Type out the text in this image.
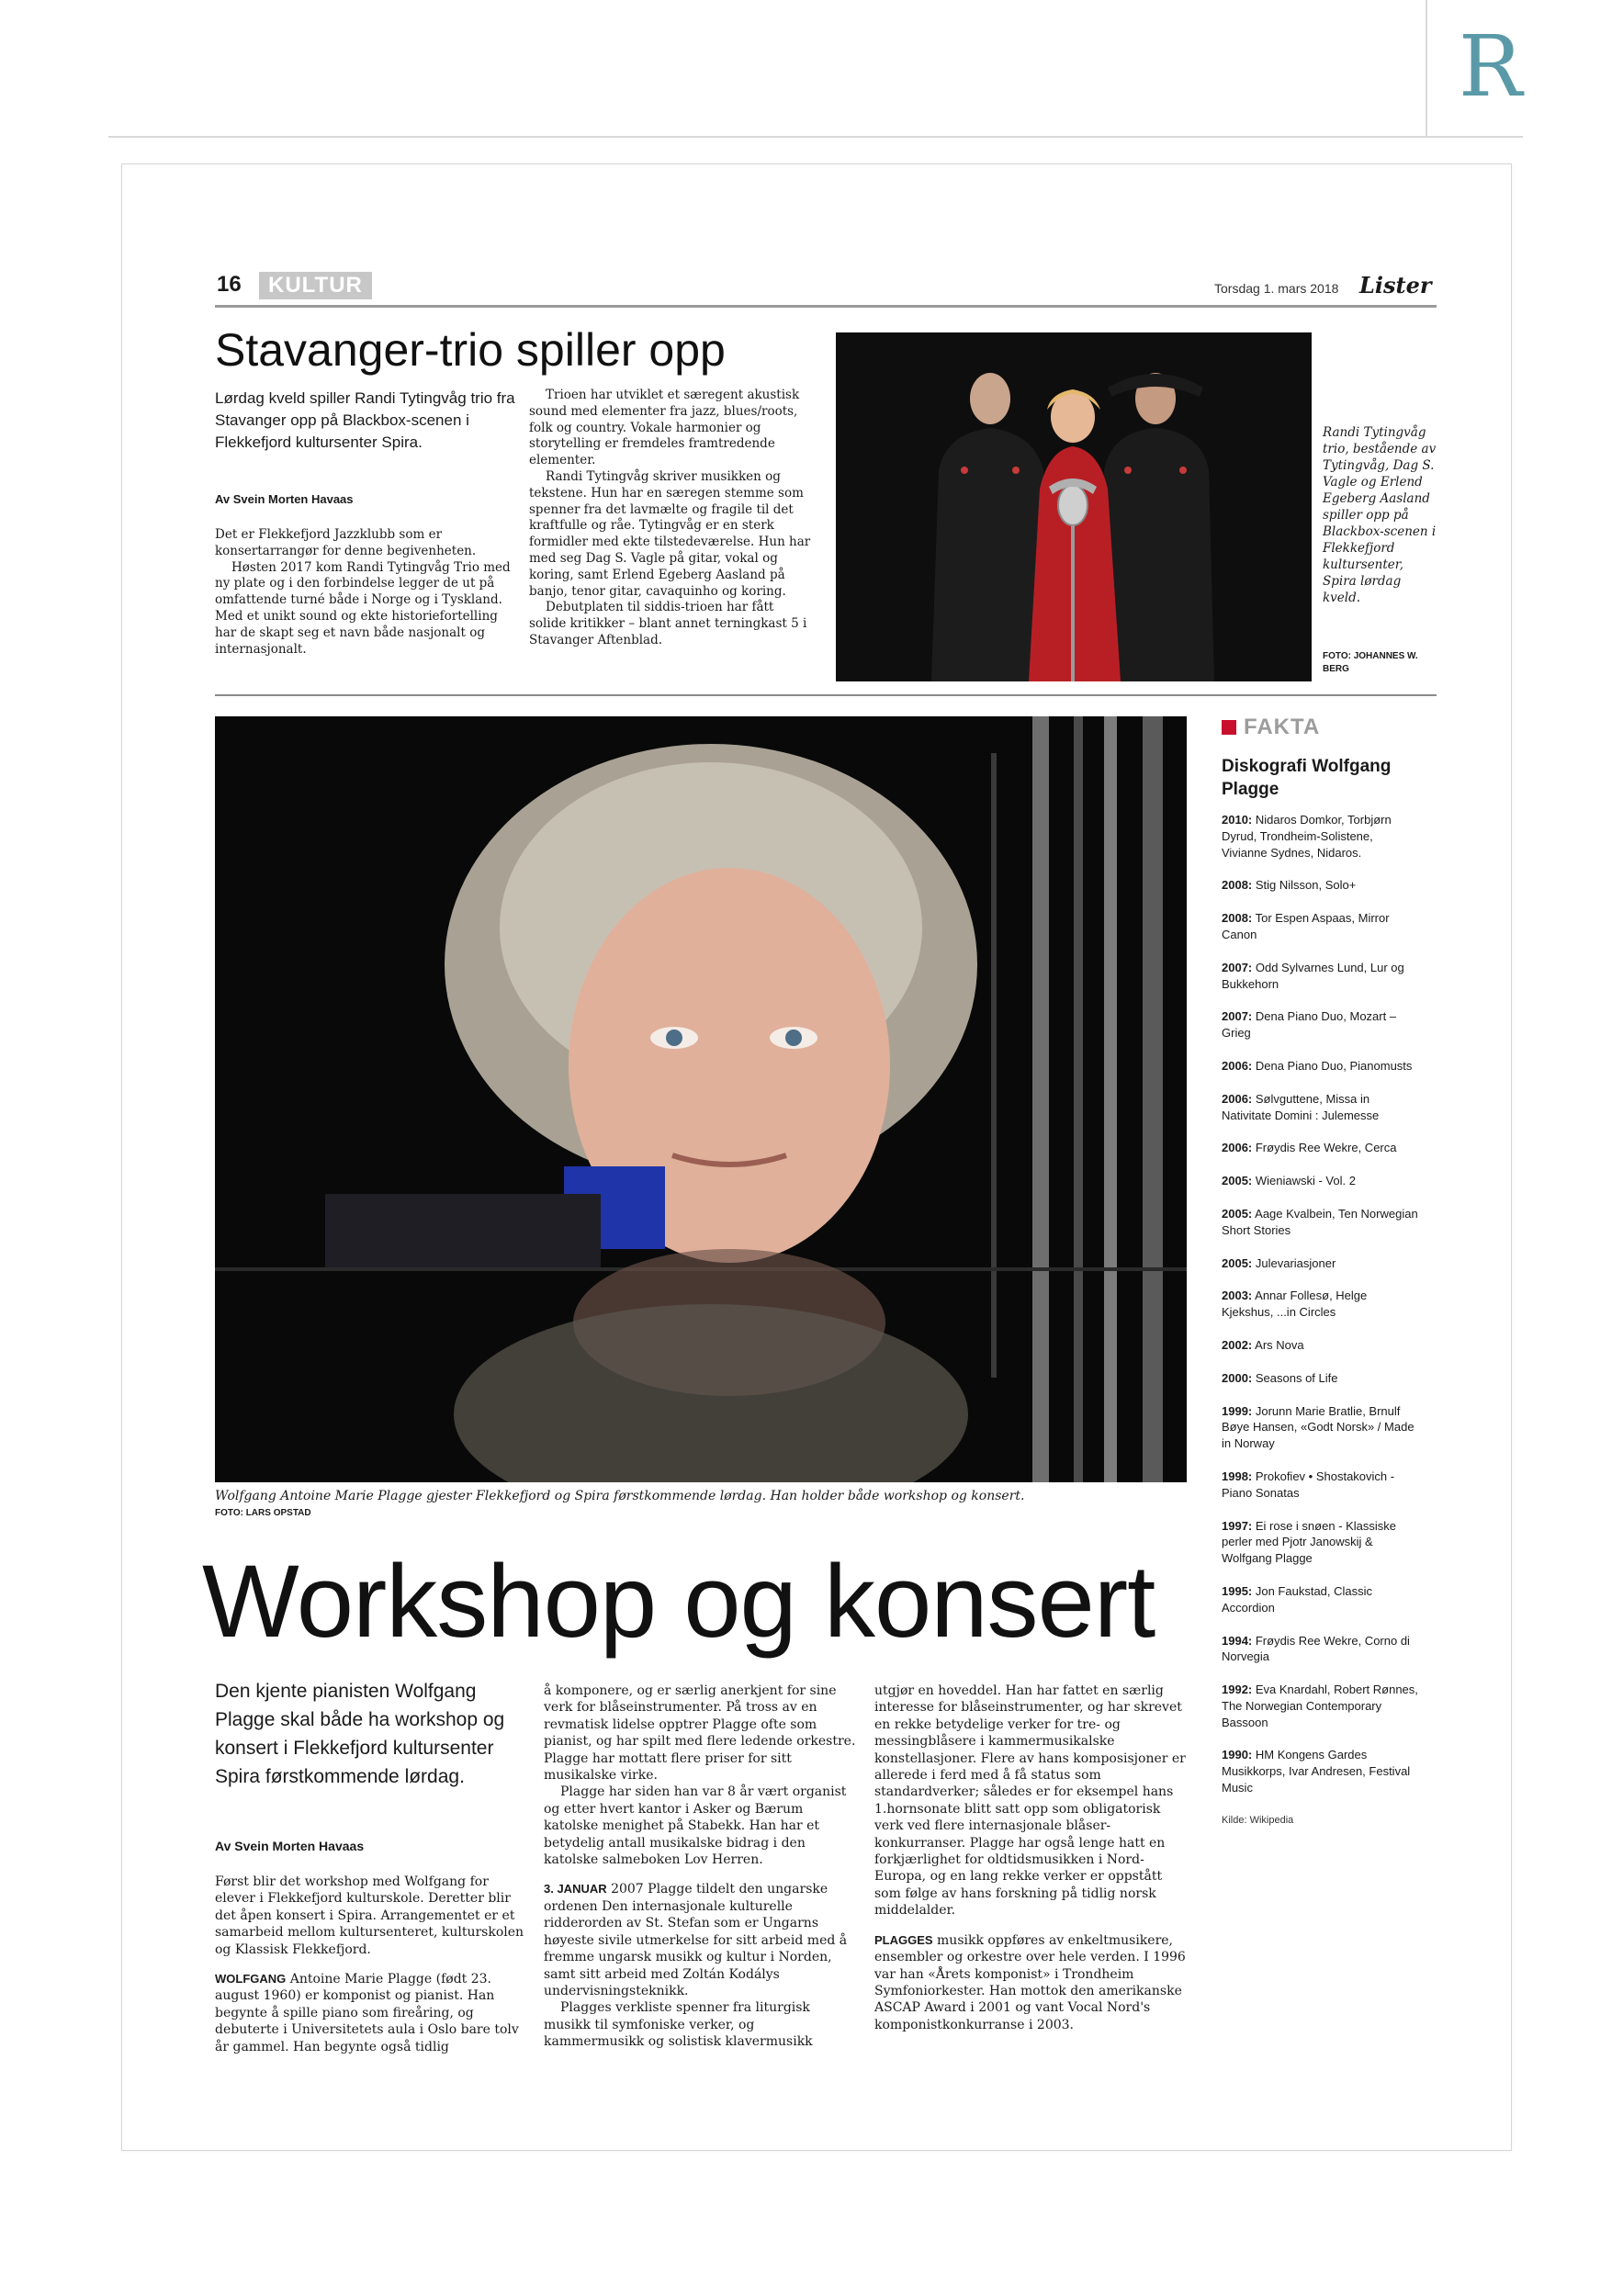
R
16	KULTUR	Torsdag 1. mars 2018 Lister
Stavanger-trio spiller opp
Lørdag kveld spiller Randi Tytingvåg trio fra Stavanger opp på Blackbox-scenen i Flekkefjord kultursenter Spira.
Av Svein Morten Havaas

Det er Flekkefjord Jazzklubb som er konsertarrangør for denne begivenheten.

Høsten 2017 kom Randi Tytingvåg Trio med ny plate og i den forbindelse legger de ut på omfattende turné både i Norge og i Tyskland. Med et unikt sound og ekte historiefortelling har de skapt seg et navn både nasjonalt og internasjonalt.

Trioen har utviklet et særegent akustisk sound med elementer fra jazz, blues/roots, folk og country. Vokale harmonier og storytelling er fremdeles framtredende elementer.

Randi Tytingvåg skriver musikken og tekstene. Hun har en særegen stemme som spenner fra det lavmælte og fragile til det kraftfulle og råe. Tytingvåg er en sterk formidler med ekte tilstedeværelse. Hun har med seg Dag S. Vagle på gitar, vokal og koring, samt Erlend Egeberg Aasland på banjo, tenor gitar, cavaquinho og koring.

Debutplaten til siddis-trioen har fått solide kritikker – blant annet terningkast 5 i Stavanger Aftenblad.

Randi Tytingvåg trio, bestående av Tytingvåg, Dag S. Vagle og Erlend Egeberg Aasland spiller opp på Blackbox-scenen i Flekkefjord kultursenter, Spira lørdag kveld.
FOTO: JOHANNES W. BERG
Wolfgang Antoine Marie Plagge gjester Flekkefjord og Spira førstkommende lørdag. Han holder både workshop og konsert.
FOTO: LARS OPSTAD
Workshop og konsert
Den kjente pianisten Wolfgang Plagge skal både ha workshop og konsert i Flekkefjord kultursenter Spira førstkommende lørdag.
Av Svein Morten Havaas

Først blir det workshop med Wolfgang for elever i Flekkefjord kulturskole. Deretter blir det åpen konsert i Spira. Arrangementet er et samarbeid mellom kultursenteret, kulturskolen og Klassisk Flekkefjord.

WOLFGANG Antoine Marie Plagge (født 23. august 1960) er komponist og pianist. Han begynte å spille piano som fireåring, og debuterte i Universitetets aula i Oslo bare tolv år gammel. Han begynte også tidlig

å komponere, og er særlig anerkjent for sine verk for blåseinstrumenter. På tross av en revmatisk lidelse opptrer Plagge ofte som pianist, og har spilt med flere ledende orkestre. Plagge har mottatt flere priser for sitt musikalske virke.

Plagge har siden han var 8 år vært organist og etter hvert kantor i Asker og Bærum katolske menighet på Stabekk. Han har et betydelig antall musikalske bidrag i den katolske salmeboken Lov Herren.

3. JANUAR 2007 Plagge tildelt den ungarske ordenen Den internasjonale kulturelle ridderorden av St. Stefan som er Ungarns høyeste sivile utmerkelse for sitt arbeid med å fremme ungarsk musikk og kultur i Norden, samt sitt arbeid med Zoltán Kodálys undervisningsteknikk.

Plagges verkliste spenner fra liturgisk musikk til symfoniske verker, og kammermusikk og solistisk klavermusikk

utgjør en hoveddel. Han har fattet en særlig interesse for blåseinstrumenter, og har skrevet en rekke betydelige verker for tre- og messingblåsere i kammermusikalske konstellasjoner. Flere av hans komposisjoner er allerede i ferd med å få status som standardverker; således er for eksempel hans 1.hornsonate blitt satt opp som obligatorisk verk ved flere internasjonale blåser-konkurranser. Plagge har også lenge hatt en forkjærlighet for oldtidsmusikken i Nord-Europa, og en lang rekke verker er oppstått som følge av hans forskning på tidlig norsk middelalder.

PLAGGES musikk oppføres av enkeltmusikere, ensembler og orkestre over hele verden. I 1996 var han «Årets komponist» i Trondheim Symfoniorkester. Han mottok den amerikanske ASCAP Award i 2001 og vant Vocal Nord's komponistkonkurranse i 2003.

FAKTA
Diskografi Wolfgang Plagge
2010: Nidaros Domkor, Torbjørn Dyrud, Trondheim-Solistene, Vivianne Sydnes, Nidaros.
2008: Stig Nilsson, Solo+
2008: Tor Espen Aspaas, Mirror Canon
2007: Odd Sylvarnes Lund, Lur og Bukkehorn
2007: Dena Piano Duo, Mozart – Grieg
2006: Dena Piano Duo, Pianomusts
2006: Sølvguttene, Missa in Nativitate Domini : Julemesse
2006: Frøydis Ree Wekre, Cerca
2005: Wieniawski - Vol. 2
2005: Aage Kvalbein, Ten Norwegian Short Stories
2005: Julevariasjoner
2003: Annar Follesø, Helge Kjekshus, ...in Circles
2002: Ars Nova
2000: Seasons of Life
1999: Jorunn Marie Bratlie, Brnulf Bøye Hansen, «Godt Norsk» / Made in Norway
1998: Prokofiev • Shostakovich - Piano Sonatas
1997: Ei rose i snøen - Klassiske perler med Pjotr Janowskij & Wolfgang Plagge
1995: Jon Faukstad, Classic Accordion
1994: Frøydis Ree Wekre, Corno di Norvegia
1992: Eva Knardahl, Robert Rønnes, The Norwegian Contemporary Bassoon
1990: HM Kongens Gardes Musikkorps, Ivar Andresen, Festival Music
Kilde: Wikipedia
